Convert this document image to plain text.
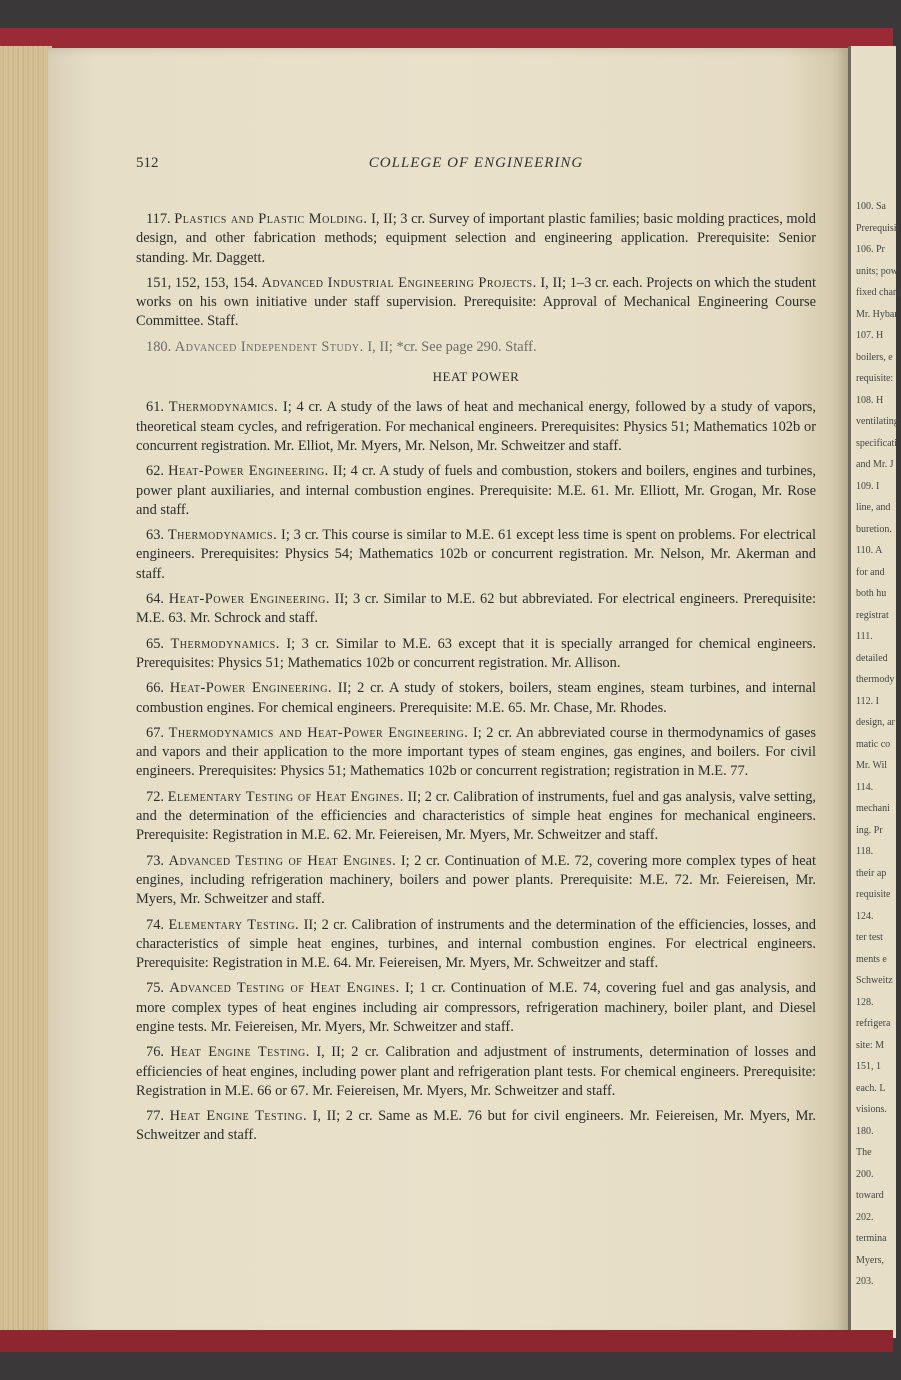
100. Sa
Prerequisit
106. Pr
units; pow
fixed charg
Mr. Hybar
107. H
boilers, e
requisite:
108. H
ventilating
specificati
and Mr. J
109. I
line, and
buretion.
110. A
for and
both hu
registrat
111.
detailed
thermody
112. I
design, ar
matic co
Mr. Wil
114.
mechani
ing. Pr
118.
their ap
requisite
124.
ter test
ments e
Schweitz
128.
refrigera
site: M
151, 1
each. L
visions.
180.
The
200.
toward
202.
termina
Myers,
203.
512	COLLEGE OF ENGINEERING

117. Plastics and Plastic Molding. I, II; 3 cr. Survey of important plastic families; basic molding practices, mold design, and other fabrication methods; equipment selection and engineering application. Prerequisite: Senior standing. Mr. Daggett.

151, 152, 153, 154. Advanced Industrial Engineering Projects. I, II; 1–3 cr. each. Projects on which the student works on his own initiative under staff supervision. Prerequisite: Approval of Mechanical Engineering Course Committee. Staff.

180. Advanced Independent Study. I, II; *cr. See page 290. Staff.

HEAT POWER

61. Thermodynamics. I; 4 cr. A study of the laws of heat and mechanical energy, followed by a study of vapors, theoretical steam cycles, and refrigeration. For mechanical engineers. Prerequisites: Physics 51; Mathematics 102b or concurrent registration. Mr. Elliot, Mr. Myers, Mr. Nelson, Mr. Schweitzer and staff.

62. Heat-Power Engineering. II; 4 cr. A study of fuels and combustion, stokers and boilers, engines and turbines, power plant auxiliaries, and internal combustion engines. Prerequisite: M.E. 61. Mr. Elliott, Mr. Grogan, Mr. Rose and staff.

63. Thermodynamics. I; 3 cr. This course is similar to M.E. 61 except less time is spent on problems. For electrical engineers. Prerequisites: Physics 54; Mathematics 102b or concurrent registration. Mr. Nelson, Mr. Akerman and staff.

64. Heat-Power Engineering. II; 3 cr. Similar to M.E. 62 but abbreviated. For electrical engineers. Prerequisite: M.E. 63. Mr. Schrock and staff.

65. Thermodynamics. I; 3 cr. Similar to M.E. 63 except that it is specially arranged for chemical engineers. Prerequisites: Physics 51; Mathematics 102b or concurrent registration. Mr. Allison.

66. Heat-Power Engineering. II; 2 cr. A study of stokers, boilers, steam engines, steam turbines, and internal combustion engines. For chemical engineers. Prerequisite: M.E. 65. Mr. Chase, Mr. Rhodes.

67. Thermodynamics and Heat-Power Engineering. I; 2 cr. An abbreviated course in thermodynamics of gases and vapors and their application to the more important types of steam engines, gas engines, and boilers. For civil engineers. Prerequisites: Physics 51; Mathematics 102b or concurrent registration; registration in M.E. 77.

72. Elementary Testing of Heat Engines. II; 2 cr. Calibration of instruments, fuel and gas analysis, valve setting, and the determination of the efficiencies and characteristics of simple heat engines for mechanical engineers. Prerequisite: Registration in M.E. 62. Mr. Feiereisen, Mr. Myers, Mr. Schweitzer and staff.

73. Advanced Testing of Heat Engines. I; 2 cr. Continuation of M.E. 72, covering more complex types of heat engines, including refrigeration machinery, boilers and power plants. Prerequisite: M.E. 72. Mr. Feiereisen, Mr. Myers, Mr. Schweitzer and staff.

74. Elementary Testing. II; 2 cr. Calibration of instruments and the determination of the efficiencies, losses, and characteristics of simple heat engines, turbines, and internal combustion engines. For electrical engineers. Prerequisite: Registration in M.E. 64. Mr. Feiereisen, Mr. Myers, Mr. Schweitzer and staff.

75. Advanced Testing of Heat Engines. I; 1 cr. Continuation of M.E. 74, covering fuel and gas analysis, and more complex types of heat engines including air compressors, refrigeration machinery, boiler plant, and Diesel engine tests. Mr. Feiereisen, Mr. Myers, Mr. Schweitzer and staff.

76. Heat Engine Testing. I, II; 2 cr. Calibration and adjustment of instruments, determination of losses and efficiencies of heat engines, including power plant and refrigeration plant tests. For chemical engineers. Prerequisite: Registration in M.E. 66 or 67. Mr. Feiereisen, Mr. Myers, Mr. Schweitzer and staff.

77. Heat Engine Testing. I, II; 2 cr. Same as M.E. 76 but for civil engineers. Mr. Feiereisen, Mr. Myers, Mr. Schweitzer and staff.
